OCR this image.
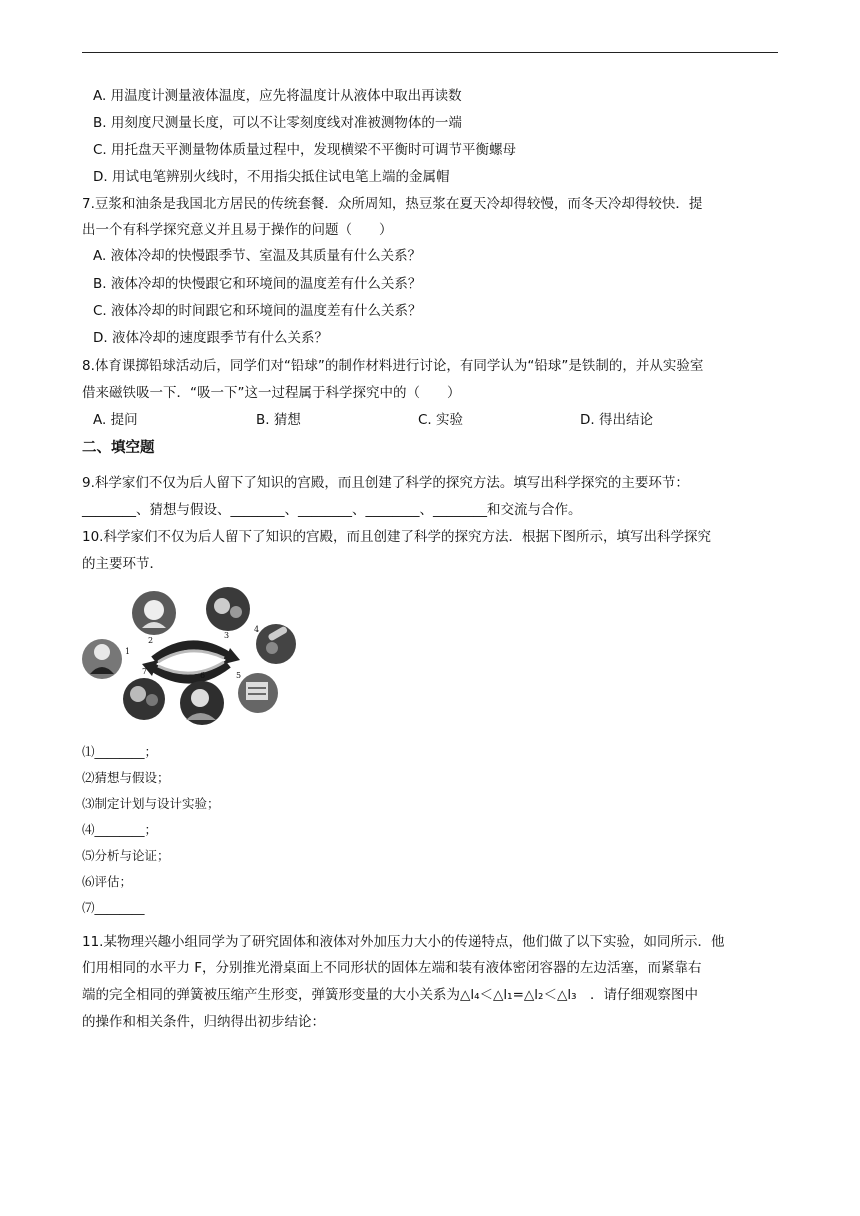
A. 用温度计测量液体温度，应先将温度计从液体中取出再读数
B. 用刻度尺测量长度，可以不让零刻度线对准被测物体的一端
C. 用托盘天平测量物体质量过程中，发现横梁不平衡时可调节平衡螺母
D. 用试电笔辨别火线时，不用指尖抵住试电笔上端的金属帽
7.豆浆和油条是我国北方居民的传统套餐．众所周知，热豆浆在夏天冷却得较慢，而冬天冷却得较快．提
出一个有科学探究意义并且易于操作的问题（　　）
A. 液体冷却的快慢跟季节、室温及其质量有什么关系？
B. 液体冷却的快慢跟它和环境间的温度差有什么关系？
C. 液体冷却的时间跟它和环境间的温度差有什么关系？
D. 液体冷却的速度跟季节有什么关系？
8.体育课掷铅球活动后，同学们对“铅球”的制作材料进行讨论，有同学认为“铅球”是铁制的，并从实验室
借来磁铁吸一下．“吸一下”这一过程属于科学探究中的（　　）
A. 提问	B. 猜想	C. 实验	D. 得出结论
二、填空题
9.科学家们不仅为后人留下了知识的宫殿，而且创建了科学的探究方法。填写出科学探究的主要环节：
________、猜想与假设、________、________、________、________和交流与合作。
10.科学家们不仅为后人留下了知识的宫殿，而且创建了科学的探究方法．根据下图所示，填写出科学探究
的主要环节．
1
2
3
4
5
6
7
⑴________；
⑵猜想与假设；
⑶制定计划与设计实验；
⑷________；
⑸分析与论证；
⑹评估；
⑺________
11.某物理兴趣小组同学为了研究固体和液体对外加压力大小的传递特点，他们做了以下实验，如同所示．他
们用相同的水平力 F，分别推光滑桌面上不同形状的固体左端和装有液体密闭容器的左边活塞，而紧靠右
端的完全相同的弹簧被压缩产生形变，弹簧形变量的大小关系为△l₄＜△l₁=△l₂＜△l₃　．请仔细观察图中
的操作和相关条件，归纳得出初步结论：
